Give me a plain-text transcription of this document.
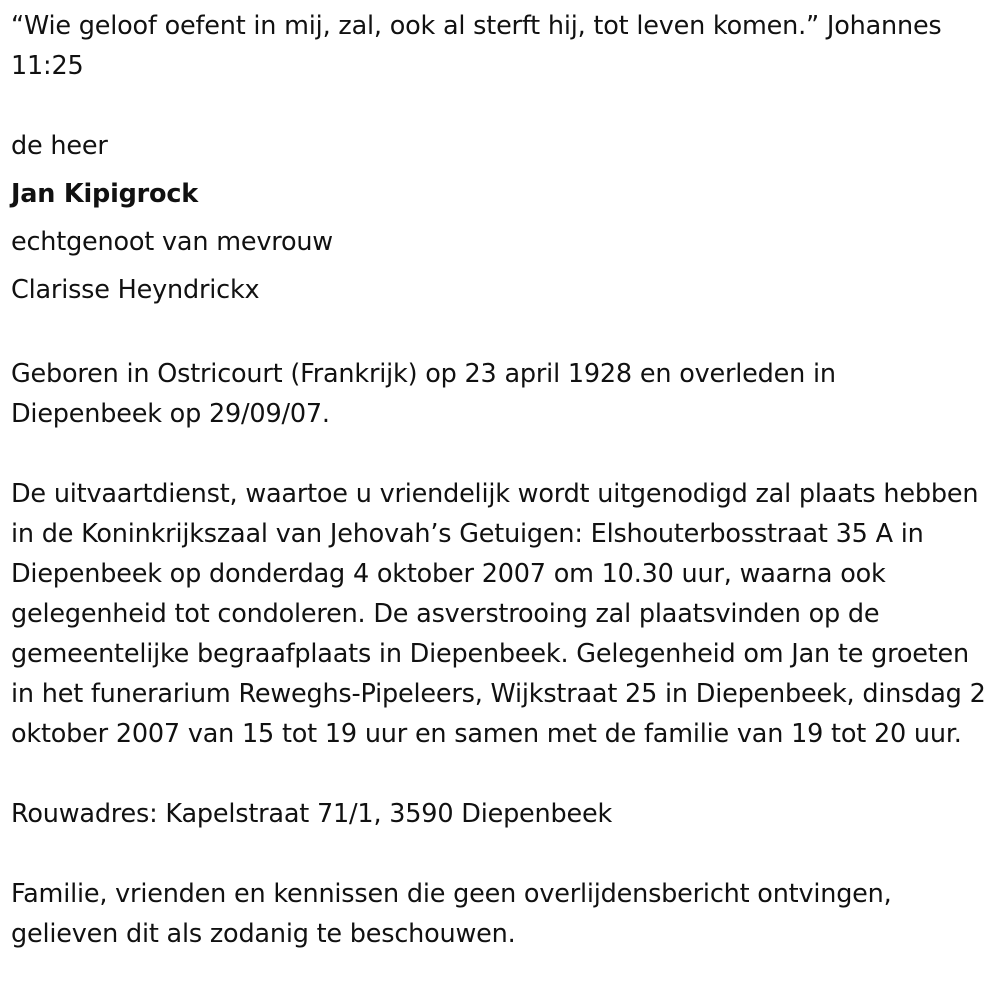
“Wie geloof oefent in mij, zal, ook al sterft hij, tot leven komen.” Johannes 11:25

de heer

Jan Kipigrock

echtgenoot van mevrouw

Clarisse Heyndrickx

Geboren in Ostricourt (Frankrijk) op 23 april 1928 en overleden in Diepenbeek op 29/09/07.

De uitvaartdienst, waartoe u vriendelijk wordt uitgenodigd zal plaats hebben in de Koninkrijkszaal van Jehovah’s Getuigen: Elshouterbosstraat 35 A in Diepenbeek op donderdag 4 oktober 2007 om 10.30 uur, waarna ook gelegenheid tot condoleren. De asverstrooing zal plaatsvinden op de gemeentelijke begraafplaats in Diepenbeek. Gelegenheid om Jan te groeten in het funerarium Reweghs-Pipeleers, Wijkstraat 25 in Diepenbeek, dinsdag 2 oktober 2007 van 15 tot 19 uur en samen met de familie van 19 tot 20 uur.

Rouwadres: Kapelstraat 71/1, 3590 Diepenbeek

Familie, vrienden en kennissen die geen overlijdensbericht ontvingen, gelieven dit als zodanig te beschouwen.
